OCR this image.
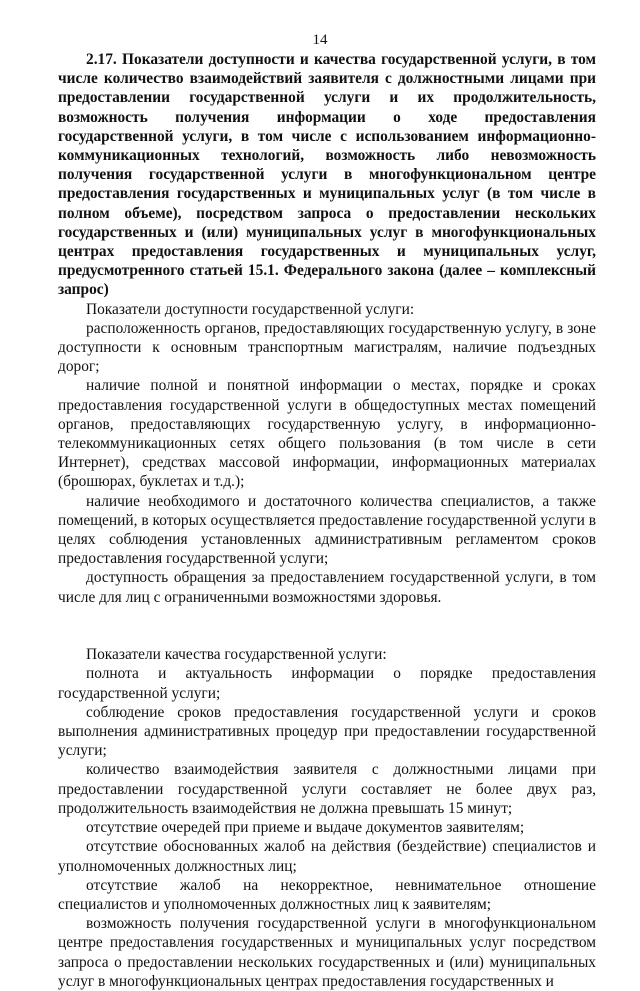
14

2.17. Показатели доступности и качества государственной услуги, в том числе количество взаимодействий заявителя с должностными лицами при предоставлении государственной услуги и их продолжительность, возможность получения информации о ходе предоставления государственной услуги, в том числе с использованием информационно-коммуникационных технологий, возможность либо невозможность получения государственной услуги в многофункциональном центре предоставления государственных и муниципальных услуг (в том числе в полном объеме), посредством запроса о предоставлении нескольких государственных и (или) муниципальных услуг в многофункциональных центрах предоставления государственных и муниципальных услуг, предусмотренного статьей 15.1. Федерального закона (далее – комплексный запрос)

Показатели доступности государственной услуги:

расположенность органов, предоставляющих государственную услугу, в зоне доступности к основным транспортным магистралям, наличие подъездных дорог;

наличие полной и понятной информации о местах, порядке и сроках предоставления государственной услуги в общедоступных местах помещений органов, предоставляющих государственную услугу, в информационно-телекоммуникационных сетях общего пользования (в том числе в сети Интернет), средствах массовой информации, информационных материалах (брошюрах, буклетах и т.д.);

наличие необходимого и достаточного количества специалистов, а также помещений, в которых осуществляется предоставление государственной услуги в целях соблюдения установленных административным регламентом сроков предоставления государственной услуги;

доступность обращения за предоставлением государственной услуги, в том числе для лиц с ограниченными возможностями здоровья.

Показатели качества государственной услуги:

полнота и актуальность информации о порядке предоставления государственной услуги;

соблюдение сроков предоставления государственной услуги и сроков выполнения административных процедур при предоставлении государственной услуги;

количество взаимодействия заявителя с должностными лицами при предоставлении государственной услуги составляет не более двух раз, продолжительность взаимодействия не должна превышать 15 минут;

отсутствие очередей при приеме и выдаче документов заявителям;

отсутствие обоснованных жалоб на действия (бездействие) специалистов и уполномоченных должностных лиц;

отсутствие жалоб на некорректное, невнимательное отношение специалистов и уполномоченных должностных лиц к заявителям;

возможность получения государственной услуги в многофункциональном центре предоставления государственных и муниципальных услуг посредством запроса о предоставлении нескольких государственных и (или) муниципальных услуг в многофункциональных центрах предоставления государственных и
